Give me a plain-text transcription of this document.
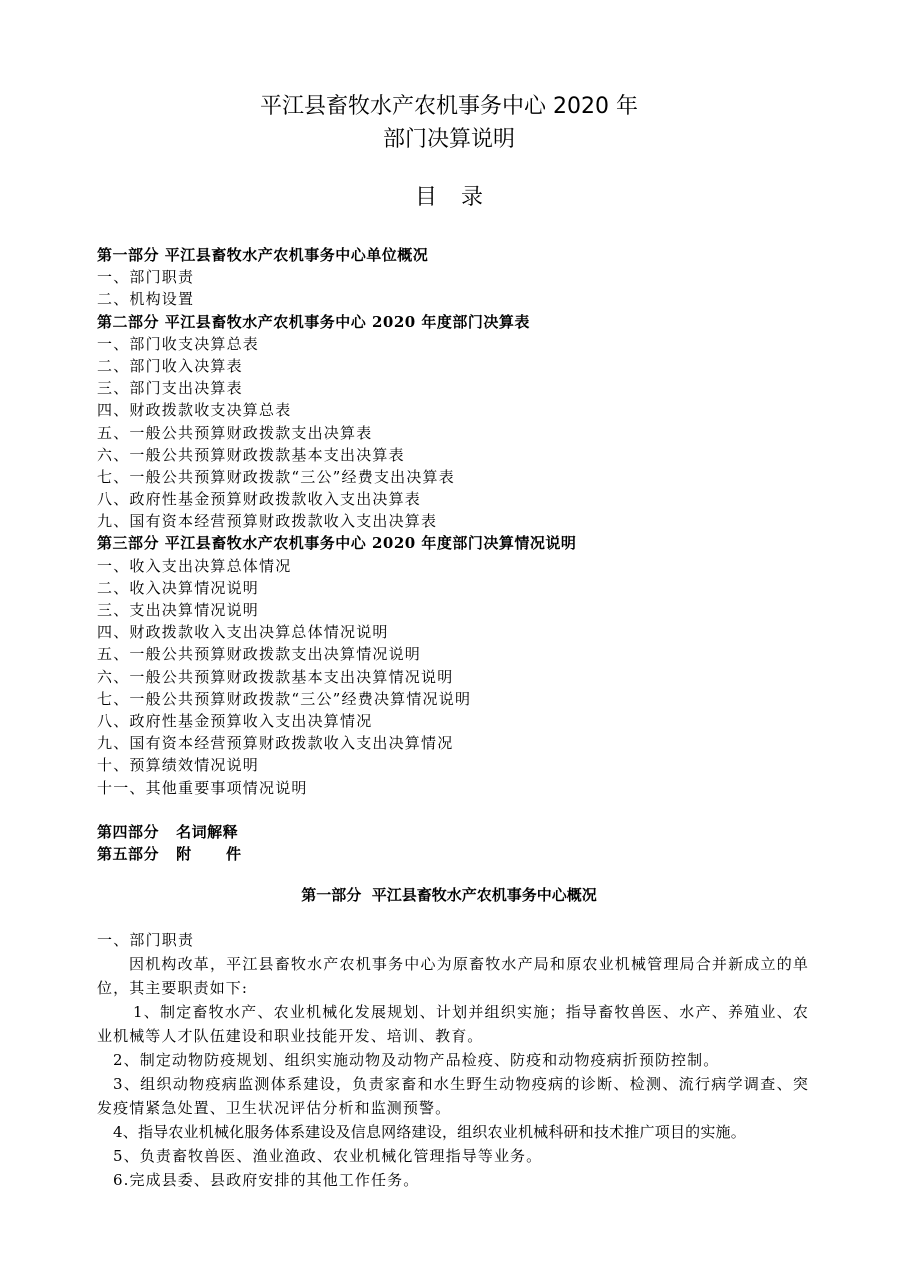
平江县畜牧水产农机事务中心 2020 年
部门决算说明
目录
第一部分 平江县畜牧水产农机事务中心单位概况
一、部门职责
二、机构设置
第二部分 平江县畜牧水产农机事务中心 2020 年度部门决算表
一、部门收支决算总表
二、部门收入决算表
三、部门支出决算表
四、财政拨款收支决算总表
五、一般公共预算财政拨款支出决算表
六、一般公共预算财政拨款基本支出决算表
七、一般公共预算财政拨款“三公”经费支出决算表
八、政府性基金预算财政拨款收入支出决算表
九、国有资本经营预算财政拨款收入支出决算表
第三部分 平江县畜牧水产农机事务中心 2020 年度部门决算情况说明
一、收入支出决算总体情况
二、收入决算情况说明
三、支出决算情况说明
四、财政拨款收入支出决算总体情况说明
五、一般公共预算财政拨款支出决算情况说明
六、一般公共预算财政拨款基本支出决算情况说明
七、一般公共预算财政拨款“三公”经费决算情况说明
八、政府性基金预算收入支出决算情况
九、国有资本经营预算财政拨款收入支出决算情况
十、预算绩效情况说明
十一、其他重要事项情况说明
第四部分   名词解释
第五部分   附      件
第一部分  平江县畜牧水产农机事务中心概况
一、部门职责
因机构改革，平江县畜牧水产农机事务中心为原畜牧水产局和原农业机械管理局合并新成立的单位，其主要职责如下:
1、制定畜牧水产、农业机械化发展规划、计划并组织实施；指导畜牧兽医、水产、养殖业、农业机械等人才队伍建设和职业技能开发、培训、教育。
2、制定动物防疫规划、组织实施动物及动物产品检疫、防疫和动物疫病折预防控制。
3、组织动物疫病监测体系建设，负责家畜和水生野生动物疫病的诊断、检测、流行病学调查、突发疫情紧急处置、卫生状况评估分析和监测预警。
4、指导农业机械化服务体系建设及信息网络建设，组织农业机械科研和技术推广项目的实施。
5、负责畜牧兽医、渔业渔政、农业机械化管理指导等业务。
6.完成县委、县政府安排的其他工作任务。
